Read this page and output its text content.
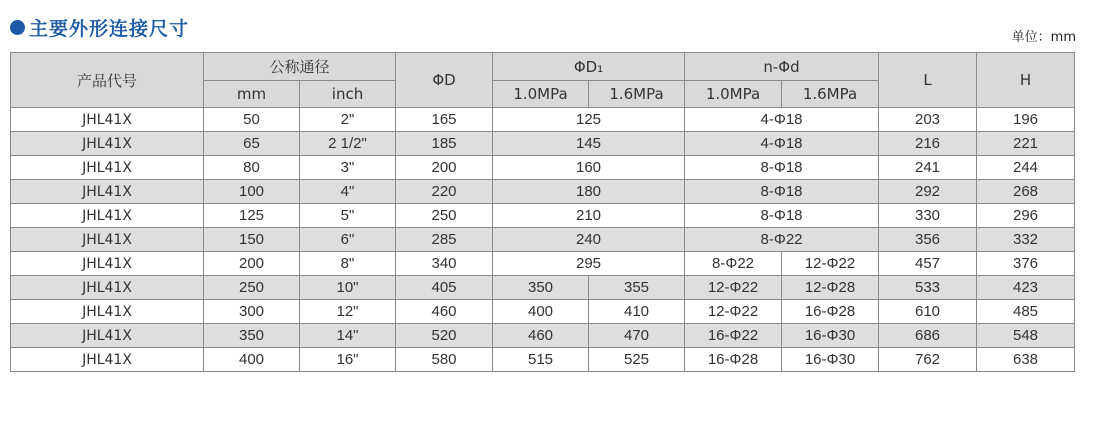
主要外形连接尺寸	单位：mm
产品代号	公称通径		ΦD	ΦD₁		n-Φd		L	H
	mm	inch		1.0MPa	1.6MPa	1.0MPa	1.6MPa		
JHL41X	50	2"	165	125		4-Φ18		203	196
JHL41X	65	2 1/2"	185	145		4-Φ18		216	221
JHL41X	80	3"	200	160		8-Φ18		241	244
JHL41X	100	4"	220	180		8-Φ18		292	268
JHL41X	125	5"	250	210		8-Φ18		330	296
JHL41X	150	6"	285	240		8-Φ22		356	332
JHL41X	200	8"	340	295		8-Φ22	12-Φ22	457	376
JHL41X	250	10"	405	350	355	12-Φ22	12-Φ28	533	423
JHL41X	300	12"	460	400	410	12-Φ22	16-Φ28	610	485
JHL41X	350	14"	520	460	470	16-Φ22	16-Φ30	686	548
JHL41X	400	16"	580	515	525	16-Φ28	16-Φ30	762	638
